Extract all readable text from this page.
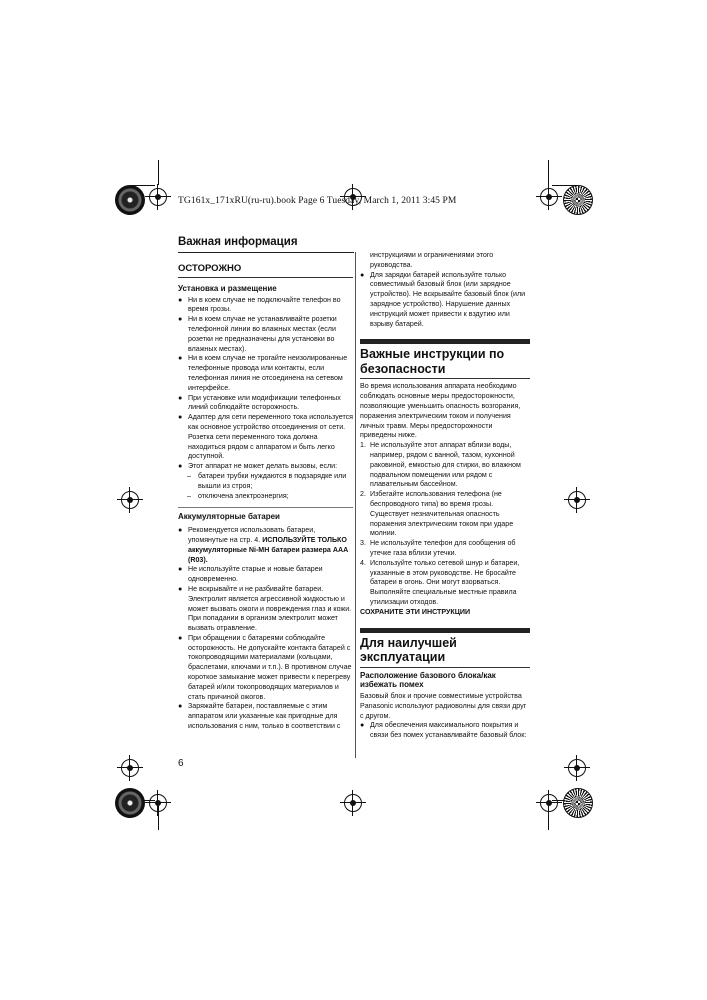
TG161x_171xRU(ru-ru).book Page 6 Tuesday, March 1, 2011 3:45 PM
Важная информация
ОСТОРОЖНО
Установка и размещение
● Ни в коем случае не подключайте телефон во время грозы.
● Ни в коем случае не устанавливайте розетки телефонной линии во влажных местах (если розетки не предназначены для установки во влажных местах).
● Ни в коем случае не трогайте неизолированные телефонные провода или контакты, если телефонная линия не отсоединена на сетевом интерфейсе.
● При установке или модификации телефонных линий соблюдайте осторожность.
● Адаптер для сети переменного тока используется как основное устройство отсоединения от сети. Розетка сети переменного тока должна находиться рядом с аппаратом и быть легко доступной.
● Этот аппарат не может делать вызовы, если:
– батареи трубки нуждаются в подзарядке или вышли из строя;
– отключена электроэнергия;
Аккумуляторные батареи
● Рекомендуется использовать батареи, упомянутые на стр. 4. ИСПОЛЬЗУЙТЕ ТОЛЬКО аккумуляторные Ni-MH батареи размера AAA (R03).
● Не используйте старые и новые батареи одновременно.
● Не вскрывайте и не разбивайте батареи. Электролит является агрессивной жидкостью и может вызвать ожоги и повреждения глаз и кожи. При попадании в организм электролит может вызвать отравление.
● При обращении с батареями соблюдайте осторожность. Не допускайте контакта батарей с токопроводящими материалами (кольцами, браслетами, ключами и т.п.). В противном случае короткое замыкание может привести к перегреву батарей и/или токопроводящих материалов и стать причиной ожогов.
● Заряжайте батареи, поставляемые с этим аппаратом или указанные как пригодные для использования с ним, только в соответствии с

инструкциями и ограничениями этого руководства.

● Для зарядки батарей используйте только совместимый базовый блок (или зарядное устройство). Не вскрывайте базовый блок (или зарядное устройство). Нарушение данных инструкций может привести к вздутию или взрыву батарей.
Важные инструкции по безопасности

Во время использования аппарата необходимо соблюдать основные меры предосторожности, позволяющие уменьшить опасность возгорания, поражения электрическим током и получения личных травм. Меры предосторожности приведены ниже.

1. Не используйте этот аппарат вблизи воды, например, рядом с ванной, тазом, кухонной раковиной, емкостью для стирки, во влажном подвальном помещении или рядом с плавательным бассейном.
2. Избегайте использования телефона (не беспроводного типа) во время грозы. Существует незначительная опасность поражения электрическим током при ударе молнии.
3. Не используйте телефон для сообщения об утечке газа вблизи утечки.
4. Используйте только сетевой шнур и батареи, указанные в этом руководстве. Не бросайте батареи в огонь. Они могут взорваться. Выполняйте специальные местные правила утилизации отходов.

СОХРАНИТЕ ЭТИ ИНСТРУКЦИИ

Для наилучшей эксплуатации
Расположение базового блока/как избежать помех

Базовый блок и прочие совместимые устройства Panasonic используют радиоволны для связи друг с другом.

● Для обеспечения максимального покрытия и связи без помех устанавливайте базовый блок:
6
